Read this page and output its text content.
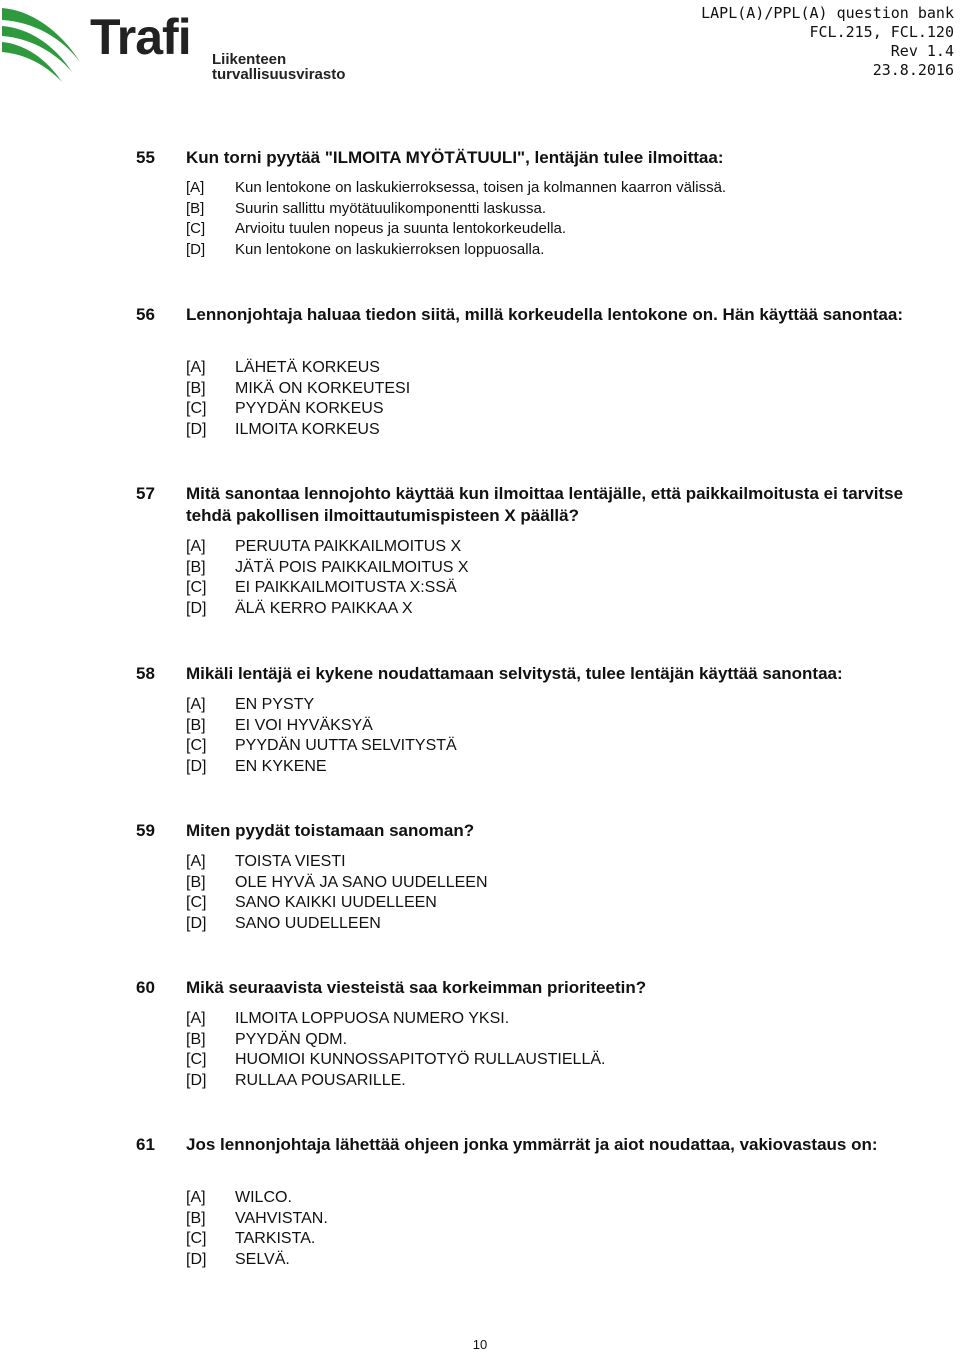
Trafi Liikenteen turvallisuusvirasto
LAPL(A)/PPL(A) question bank
FCL.215, FCL.120
Rev 1.4
23.8.2016
55 Kun torni pyytää "ILMOITA MYÖTÄTUULI", lentäjän tulee ilmoittaa:
[A] Kun lentokone on laskukierroksessa, toisen ja kolmannen kaarron välissä.
[B] Suurin sallittu myötätuulikomponentti laskussa.
[C] Arvioitu tuulen nopeus ja suunta lentokorkeudella.
[D] Kun lentokone on laskukierroksen loppuosalla.
56 Lennonjohtaja haluaa tiedon siitä, millä korkeudella lentokone on. Hän käyttää sanontaa:
[A] LÄHETÄ KORKEUS
[B] MIKÄ ON KORKEUTESI
[C] PYYDÄN KORKEUS
[D] ILMOITA KORKEUS
57 Mitä sanontaa lennojohto käyttää kun ilmoittaa lentäjälle, että paikkailmoitusta ei tarvitse tehdä pakollisen ilmoittautumispisteen X päällä?
[A] PERUUTA PAIKKAILMOITUS X
[B] JÄTÄ POIS PAIKKAILMOITUS X
[C] EI PAIKKAILMOITUSTA X:SSÄ
[D] ÄLÄ KERRO PAIKKAA X
58 Mikäli lentäjä ei kykene noudattamaan selvitystä, tulee lentäjän käyttää sanontaa:
[A] EN PYSTY
[B] EI VOI HYVÄKSYÄ
[C] PYYDÄN UUTTA SELVITYSTÄ
[D] EN KYKENE
59 Miten pyydät toistamaan sanoman?
[A] TOISTA VIESTI
[B] OLE HYVÄ JA SANO UUDELLEEN
[C] SANO KAIKKI UUDELLEEN
[D] SANO UUDELLEEN
60 Mikä seuraavista viesteistä saa korkeimman prioriteetin?
[A] ILMOITA LOPPUOSA NUMERO YKSI.
[B] PYYDÄN QDM.
[C] HUOMIOI KUNNOSSAPITOTYÖ RULLAUSTIELLÄ.
[D] RULLAA POUSARILLE.
61 Jos lennonjohtaja lähettää ohjeen jonka ymmärrät ja aiot noudattaa, vakiovastaus on:
[A] WILCO.
[B] VAHVISTAN.
[C] TARKISTA.
[D] SELVÄ.
10
